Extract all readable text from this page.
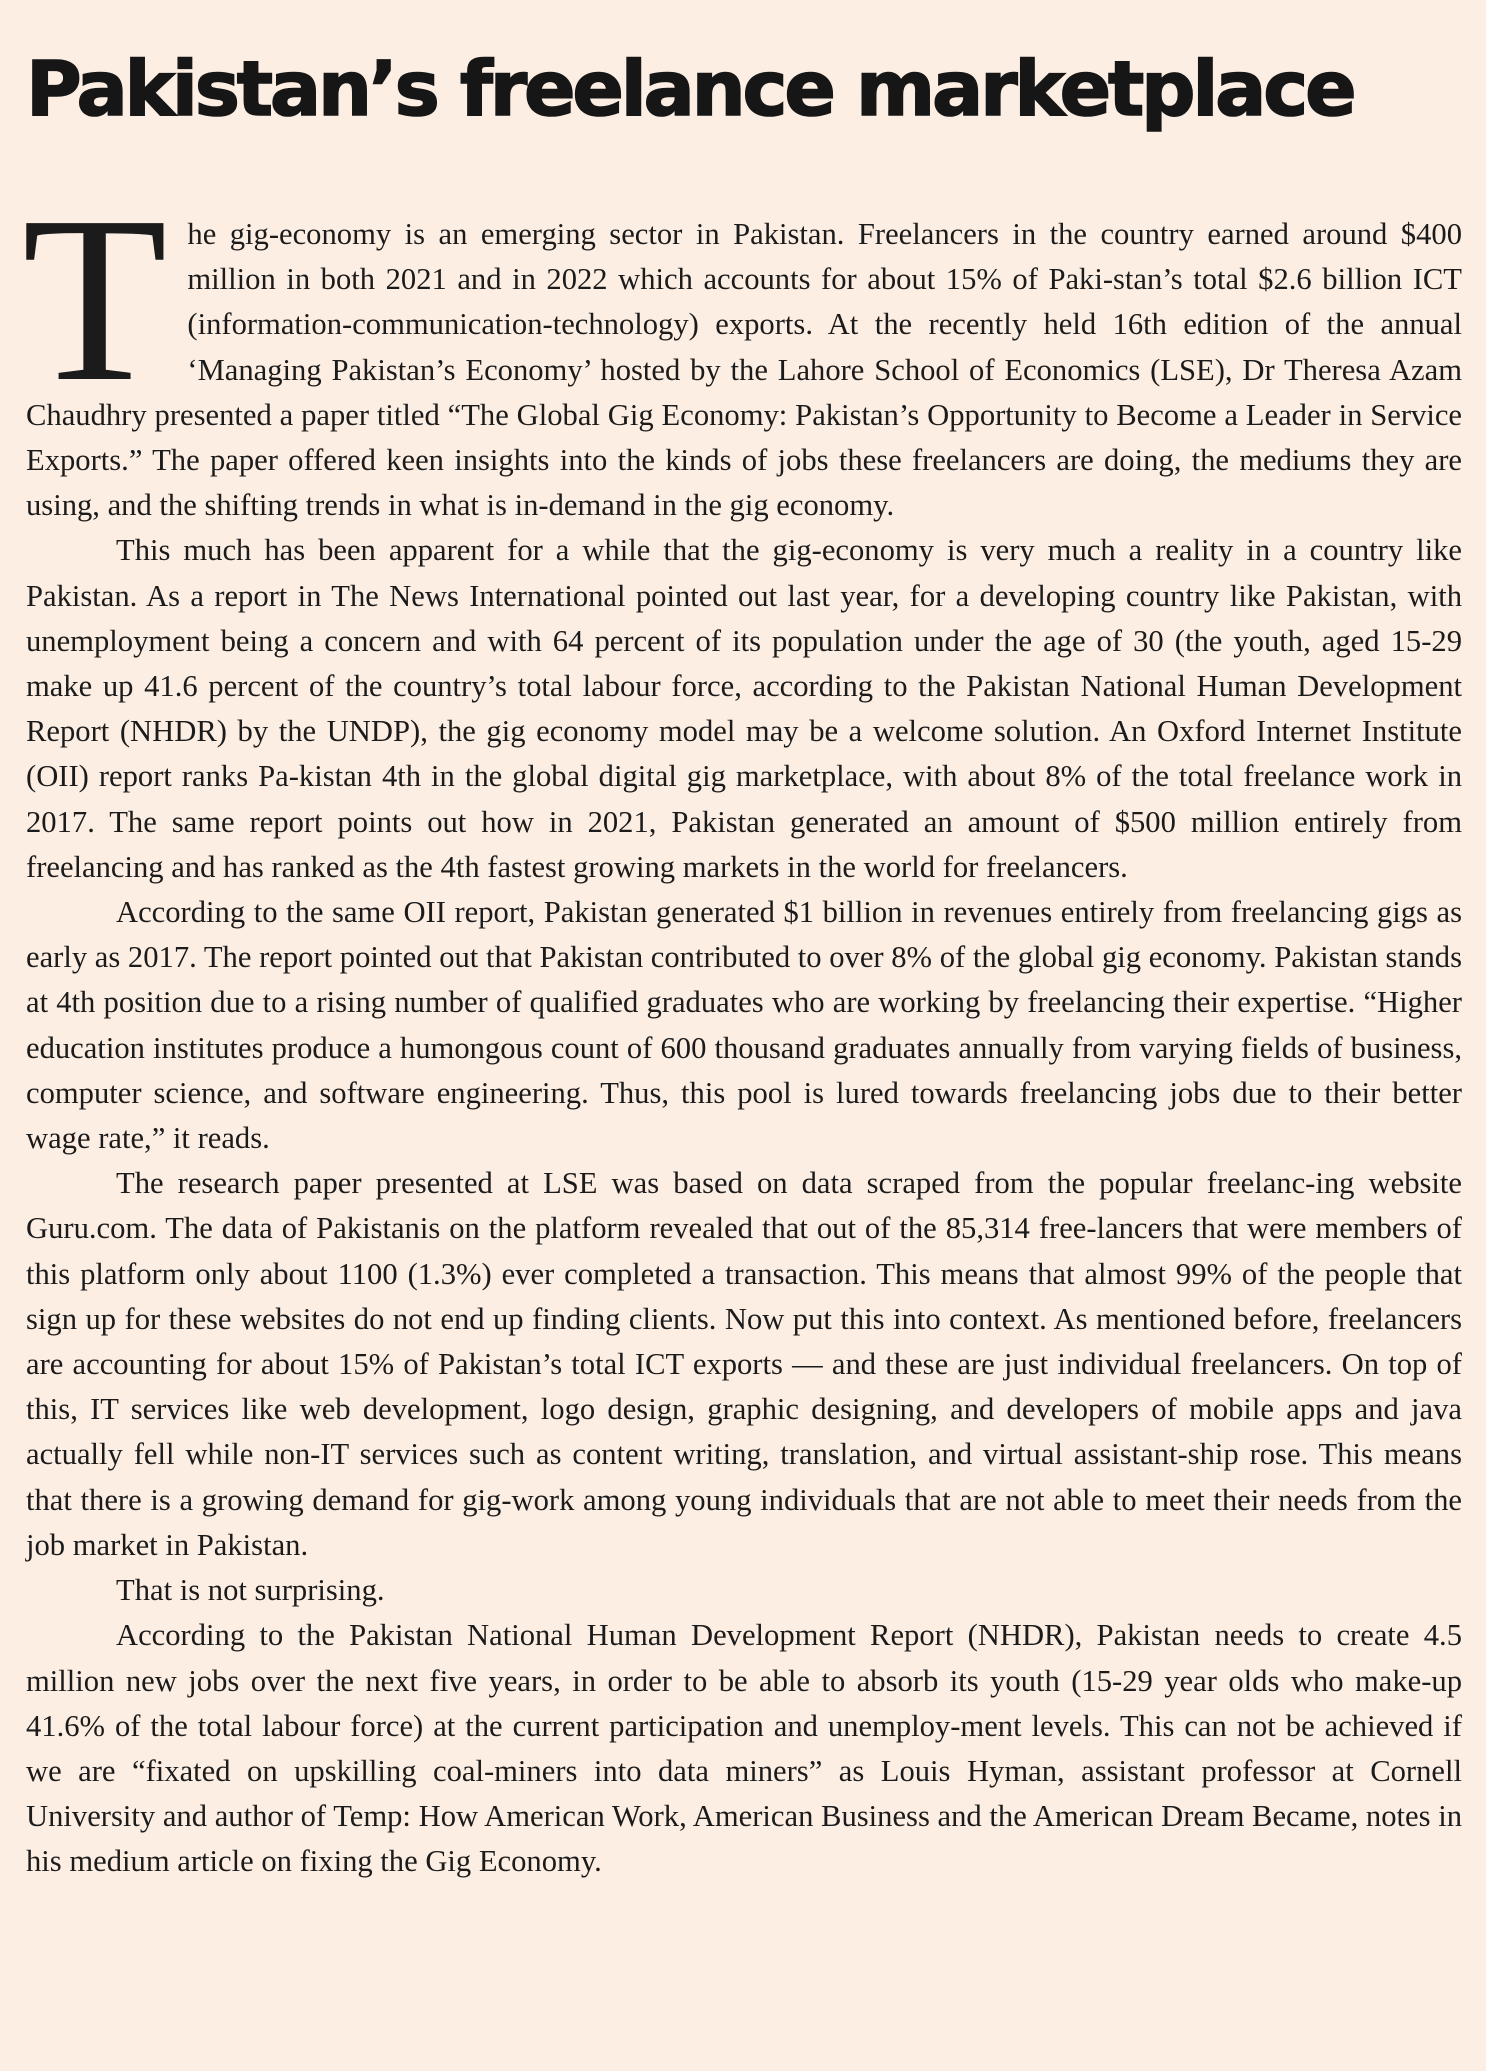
Pakistan’s freelance marketplace

The gig-economy is an emerging sector in Pakistan. Freelancers in the country earned around $400 million in both 2021 and in 2022 which accounts for about 15% of Paki-stan’s total $2.6 billion ICT (information-communication-technology) exports. At the recently held 16th edition of the annual ‘Managing Pakistan’s Economy’ hosted by the Lahore School of Economics (LSE), Dr Theresa Azam Chaudhry presented a paper titled “The Global Gig Economy: Pakistan’s Opportunity to Become a Leader in Service Exports.” The paper offered keen insights into the kinds of jobs these freelancers are doing, the mediums they are using, and the shifting trends in what is in-demand in the gig economy.

This much has been apparent for a while that the gig-economy is very much a reality in a country like Pakistan. As a report in The News International pointed out last year, for a developing country like Pakistan, with unemployment being a concern and with 64 percent of its population under the age of 30 (the youth, aged 15-29 make up 41.6 percent of the country’s total labour force, according to the Pakistan National Human Development Report (NHDR) by the UNDP), the gig economy model may be a welcome solution. An Oxford Internet Institute (OII) report ranks Pa-kistan 4th in the global digital gig marketplace, with about 8% of the total freelance work in 2017. The same report points out how in 2021, Pakistan generated an amount of $500 million entirely from freelancing and has ranked as the 4th fastest growing markets in the world for freelancers.

According to the same OII report, Pakistan generated $1 billion in revenues entirely from freelancing gigs as early as 2017. The report pointed out that Pakistan contributed to over 8% of the global gig economy. Pakistan stands at 4th position due to a rising number of qualified graduates who are working by freelancing their expertise. “Higher education institutes produce a humongous count of 600 thousand graduates annually from varying fields of business, computer science, and software engineering. Thus, this pool is lured towards freelancing jobs due to their better wage rate,” it reads.

The research paper presented at LSE was based on data scraped from the popular freelanc-ing website Guru.com. The data of Pakistanis on the platform revealed that out of the 85,314 free-lancers that were members of this platform only about 1100 (1.3%) ever completed a transaction. This means that almost 99% of the people that sign up for these websites do not end up finding clients. Now put this into context. As mentioned before, freelancers are accounting for about 15% of Pakistan’s total ICT exports — and these are just individual freelancers. On top of this, IT services like web development, logo design, graphic designing, and developers of mobile apps and java actually fell while non-IT services such as content writing, translation, and virtual assistant-ship rose. This means that there is a growing demand for gig-work among young individuals that are not able to meet their needs from the job market in Pakistan.

That is not surprising.

According to the Pakistan National Human Development Report (NHDR), Pakistan needs to create 4.5 million new jobs over the next five years, in order to be able to absorb its youth (15-29 year olds who make-up 41.6% of the total labour force) at the current participation and unemploy-ment levels. This can not be achieved if we are “fixated on upskilling coal-miners into data miners” as Louis Hyman, assistant professor at Cornell University and author of Temp: How American Work, American Business and the American Dream Became, notes in his medium article on fixing the Gig Economy.
